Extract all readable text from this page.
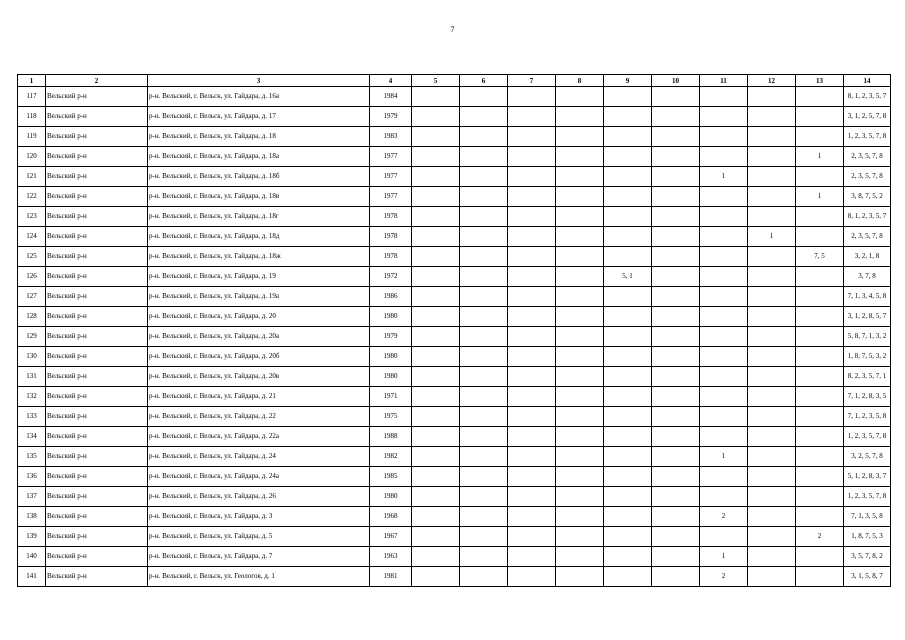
7
1	2	3	4	5	6	7	8	9	10	11	12	13	14
117	Вельский р-н	р-н. Вельский, г. Вельск, ул. Гайдара, д. 16а	1984										8, 1, 2, 3, 5, 7
118	Вельский р-н	р-н. Вельский, г. Вельск, ул. Гайдара, д. 17	1979										3, 1, 2, 5, 7, 8
119	Вельский р-н	р-н. Вельский, г. Вельск, ул. Гайдара, д. 18	1983										1, 2, 3, 5, 7, 8
120	Вельский р-н	р-н. Вельский, г. Вельск, ул. Гайдара, д. 18а	1977									1	2, 3, 5, 7, 8
121	Вельский р-н	р-н. Вельский, г. Вельск, ул. Гайдара, д. 18б	1977							1			2, 3, 5, 7, 8
122	Вельский р-н	р-н. Вельский, г. Вельск, ул. Гайдара, д. 18в	1977									1	3, 8, 7, 5, 2
123	Вельский р-н	р-н. Вельский, г. Вельск, ул. Гайдара, д. 18г	1978										8, 1, 2, 3, 5, 7
124	Вельский р-н	р-н. Вельский, г. Вельск, ул. Гайдара, д. 18д	1978								1		2, 3, 5, 7, 8
125	Вельский р-н	р-н. Вельский, г. Вельск, ул. Гайдара, д. 18ж	1978									7, 5	3, 2, 1, 8
126	Вельский р-н	р-н. Вельский, г. Вельск, ул. Гайдара, д. 19	1972					5, 1					3, 7, 8
127	Вельский р-н	р-н. Вельский, г. Вельск, ул. Гайдара, д. 19а	1986										7, 1, 3, 4, 5, 8
128	Вельский р-н	р-н. Вельский, г. Вельск, ул. Гайдара, д. 20	1980										3, 1, 2, 8, 5, 7
129	Вельский р-н	р-н. Вельский, г. Вельск, ул. Гайдара, д. 20а	1979										5, 8, 7, 1, 3, 2
130	Вельский р-н	р-н. Вельский, г. Вельск, ул. Гайдара, д. 20б	1980										1, 8, 7, 5, 3, 2
131	Вельский р-н	р-н. Вельский, г. Вельск, ул. Гайдара, д. 20в	1980										8, 2, 3, 5, 7, 1
132	Вельский р-н	р-н. Вельский, г. Вельск, ул. Гайдара, д. 21	1971										7, 1, 2, 8, 3, 5
133	Вельский р-н	р-н. Вельский, г. Вельск, ул. Гайдара, д. 22	1975										7, 1, 2, 3, 5, 8
134	Вельский р-н	р-н. Вельский, г. Вельск, ул. Гайдара, д. 22а	1988										1, 2, 3, 5, 7, 8
135	Вельский р-н	р-н. Вельский, г. Вельск, ул. Гайдара, д. 24	1982							1			3, 2, 5, 7, 8
136	Вельский р-н	р-н. Вельский, г. Вельск, ул. Гайдара, д. 24а	1985										5, 1, 2, 8, 3, 7
137	Вельский р-н	р-н. Вельский, г. Вельск, ул. Гайдара, д. 26	1980										1, 2, 3, 5, 7, 8
138	Вельский р-н	р-н. Вельский, г. Вельск, ул. Гайдара, д. 3	1968							2			7, 1, 3, 5, 8
139	Вельский р-н	р-н. Вельский, г. Вельск, ул. Гайдара, д. 5	1967									2	1, 8, 7, 5, 3
140	Вельский р-н	р-н. Вельский, г. Вельск, ул. Гайдара, д. 7	1963							1			3, 5, 7, 8, 2
141	Вельский р-н	р-н. Вельский, г. Вельск, ул. Геологов, д. 1	1981							2			3, 1, 5, 8, 7
